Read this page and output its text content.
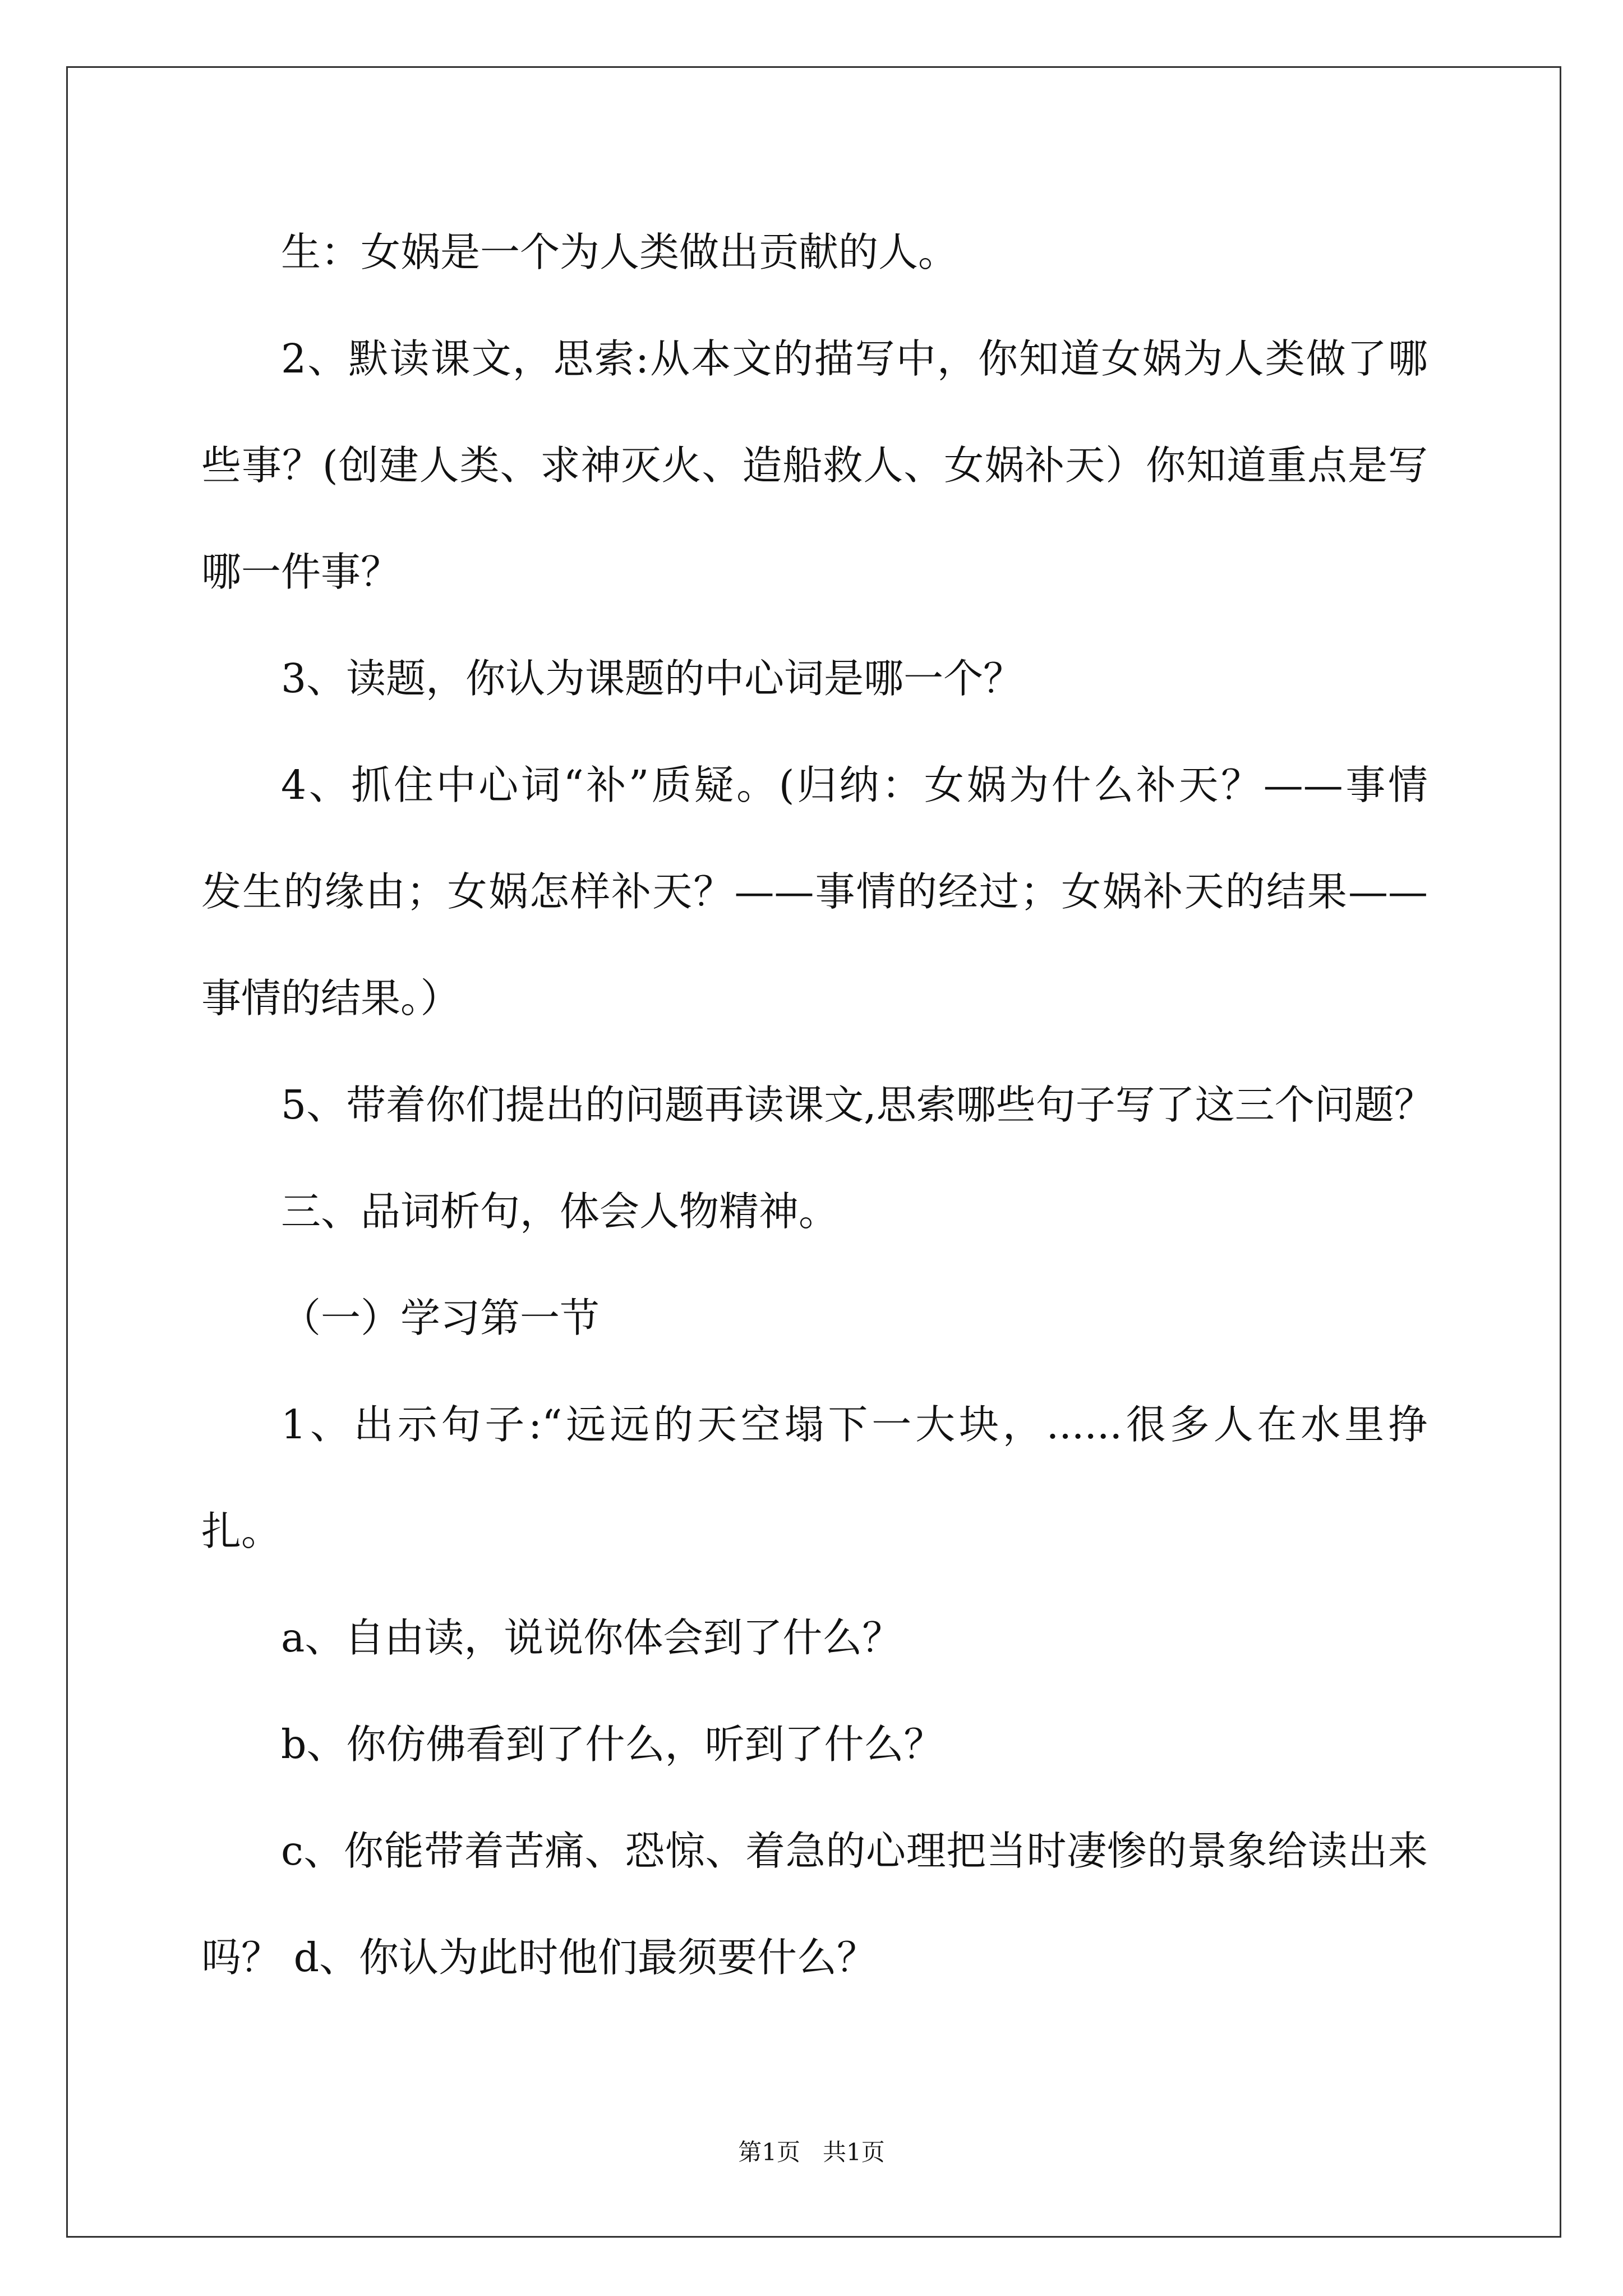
生：女娲是一个为人类做出贡献的人。
2、默读课文，思索:从本文的描写中，你知道女娲为人类做了哪
些事？(创建人类、求神灭火、造船救人、女娲补天）你知道重点是写
哪一件事？
3、读题，你认为课题的中心词是哪一个？
4、抓住中心词“补”质疑。(归纳：女娲为什么补天？——事情
发生的缘由；女娲怎样补天？——事情的经过；女娲补天的结果——
事情的结果。）
5、带着你们提出的问题再读课文,思索哪些句子写了这三个问题？
三、品词析句，体会人物精神。
（一）学习第一节
1、出示句子:“远远的天空塌下一大块，......很多人在水里挣
扎。
a、自由读，说说你体会到了什么？
b、你仿佛看到了什么，听到了什么？
c、你能带着苦痛、恐惊、着急的心理把当时凄惨的景象给读出来
吗？ d、你认为此时他们最须要什么？
第1页   共1页
